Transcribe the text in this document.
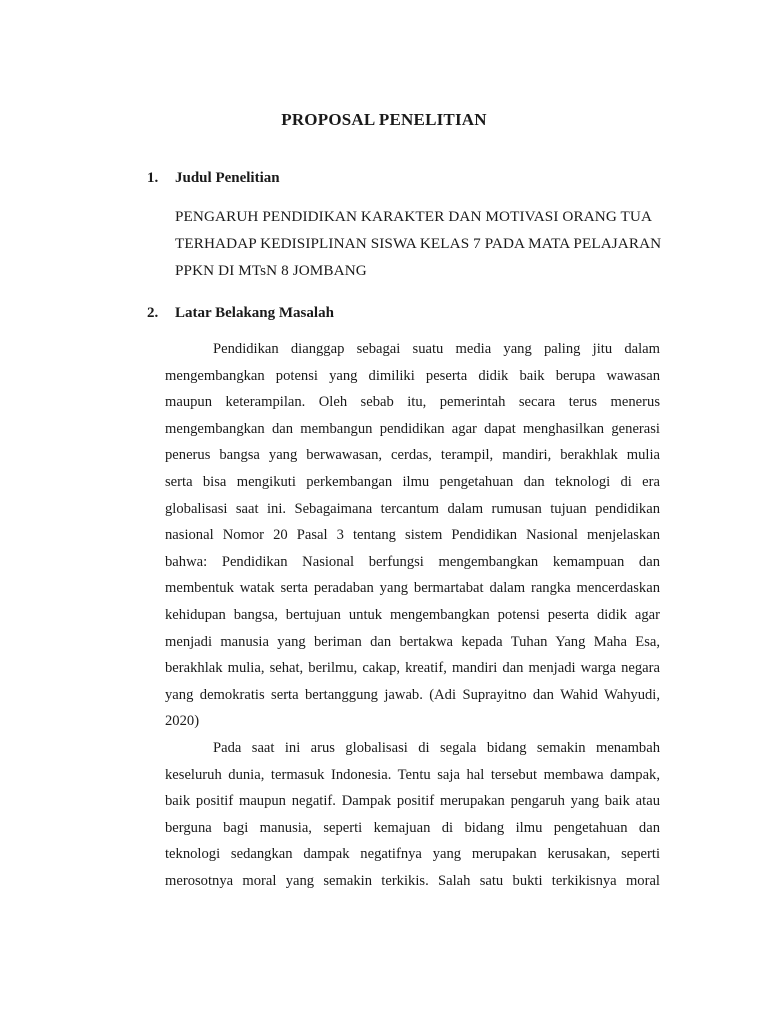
PROPOSAL PENELITIAN
1.	Judul Penelitian
PENGARUH PENDIDIKAN KARAKTER DAN MOTIVASI ORANG TUA
TERHADAP KEDISIPLINAN SISWA KELAS 7 PADA MATA PELAJARAN
PPKN DI MTsN 8 JOMBANG
2.	Latar Belakang Masalah
Pendidikan dianggap sebagai suatu media yang paling jitu dalam
mengembangkan potensi yang dimiliki peserta didik baik berupa wawasan
maupun keterampilan. Oleh sebab itu, pemerintah secara terus menerus
mengembangkan dan membangun pendidikan agar dapat menghasilkan generasi
penerus bangsa yang berwawasan, cerdas, terampil, mandiri, berakhlak mulia
serta bisa mengikuti perkembangan ilmu pengetahuan dan teknologi di era
globalisasi saat ini. Sebagaimana tercantum dalam rumusan tujuan pendidikan
nasional Nomor 20 Pasal 3 tentang sistem Pendidikan Nasional menjelaskan
bahwa: Pendidikan Nasional berfungsi mengembangkan kemampuan dan
membentuk watak serta peradaban yang bermartabat dalam rangka mencerdaskan
kehidupan bangsa, bertujuan untuk mengembangkan potensi peserta didik agar
menjadi manusia yang beriman dan bertakwa kepada Tuhan Yang Maha Esa,
berakhlak mulia, sehat, berilmu, cakap, kreatif, mandiri dan menjadi warga negara
yang demokratis serta bertanggung jawab. (Adi Suprayitno dan Wahid Wahyudi,
2020)
Pada saat ini arus globalisasi di segala bidang semakin menambah
keseluruh dunia, termasuk Indonesia. Tentu saja hal tersebut membawa dampak,
baik positif maupun negatif. Dampak positif merupakan pengaruh yang baik atau
berguna bagi manusia, seperti kemajuan di bidang ilmu pengetahuan dan
teknologi sedangkan dampak negatifnya yang merupakan kerusakan, seperti
merosotnya moral yang semakin terkikis. Salah satu bukti terkikisnya moral
